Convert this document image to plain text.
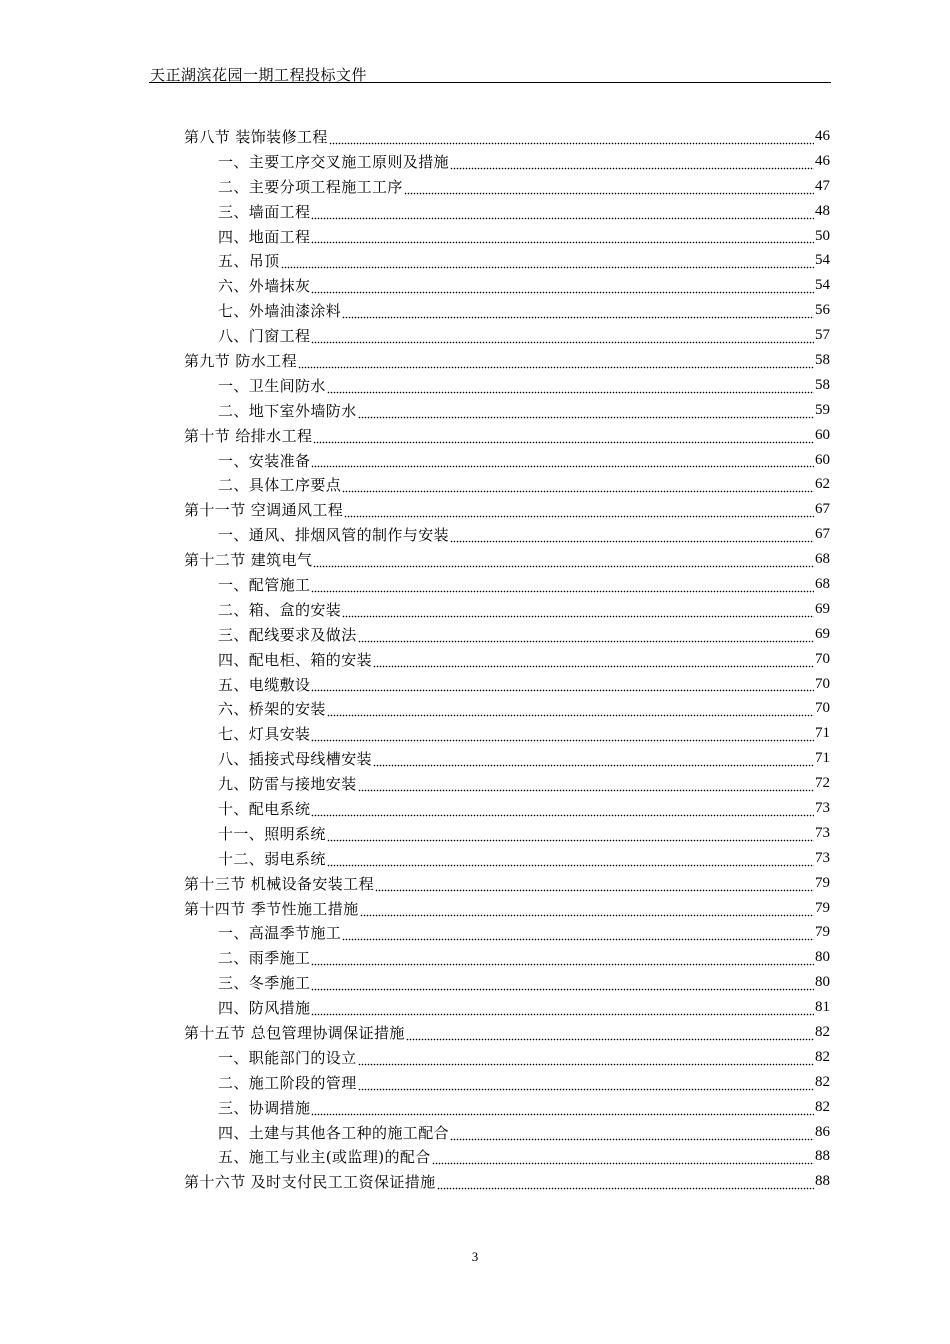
天正湖滨花园一期工程投标文件
第八节 装饰装修工程	46
一、主要工序交叉施工原则及措施	46
二、主要分项工程施工工序	47
三、墙面工程	48
四、地面工程	50
五、吊顶	54
六、外墙抹灰	54
七、外墙油漆涂料	56
八、门窗工程	57
第九节 防水工程	58
一、卫生间防水	58
二、地下室外墙防水	59
第十节 给排水工程	60
一、安装准备	60
二、具体工序要点	62
第十一节 空调通风工程	67
一、通风、排烟风管的制作与安装	67
第十二节 建筑电气	68
一、配管施工	68
二、箱、盒的安装	69
三、配线要求及做法	69
四、配电柜、箱的安装	70
五、电缆敷设	70
六、桥架的安装	70
七、灯具安装	71
八、插接式母线槽安装	71
九、防雷与接地安装	72
十、配电系统	73
十一、照明系统	73
十二、弱电系统	73
第十三节 机械设备安装工程	79
第十四节 季节性施工措施	79
一、高温季节施工	79
二、雨季施工	80
三、冬季施工	80
四、防风措施	81
第十五节 总包管理协调保证措施	82
一、职能部门的设立	82
二、施工阶段的管理	82
三、协调措施	82
四、土建与其他各工种的施工配合	86
五、施工与业主(或监理)的配合	88
第十六节 及时支付民工工资保证措施	88
3
